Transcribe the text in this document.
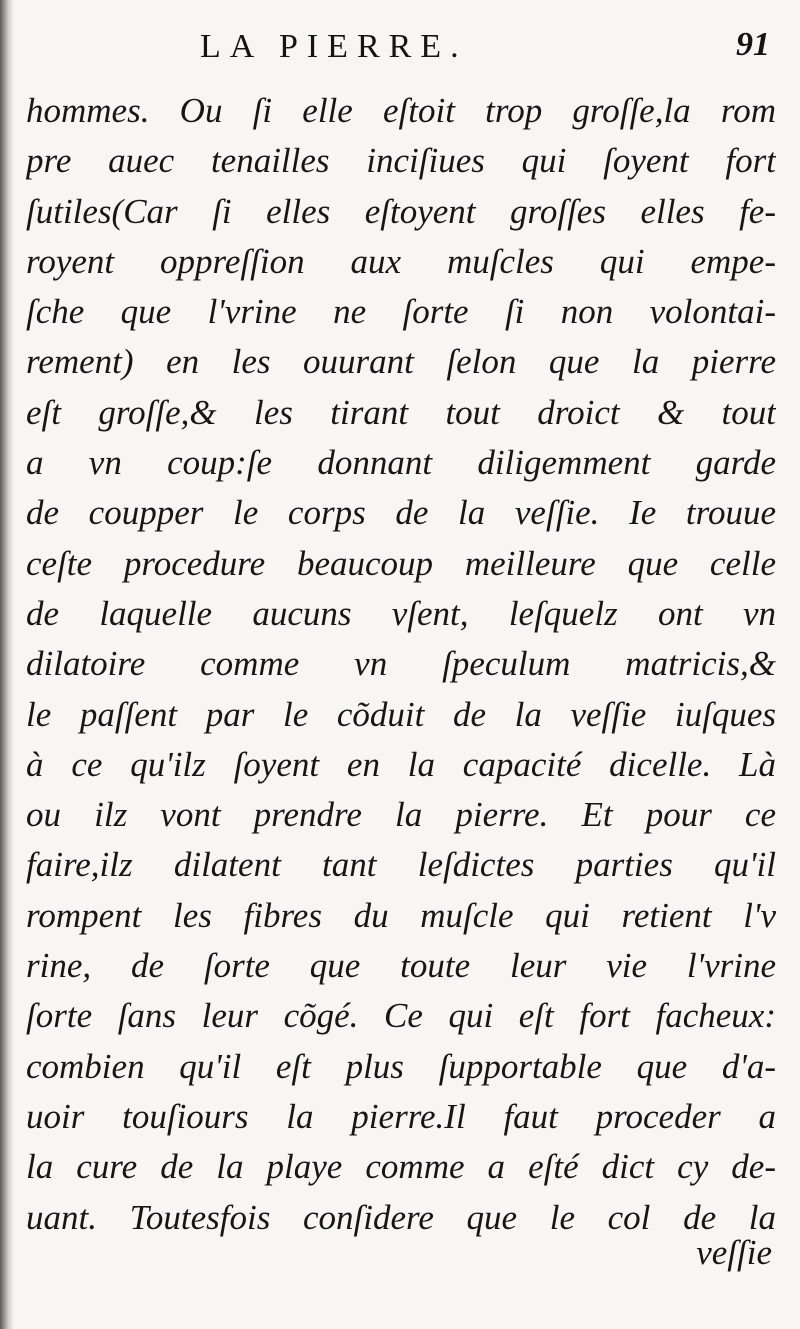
LA PIERRE.	91
hommes. Ou ſi elle eſtoit trop groſſe,la rom
pre auec tenailles inciſiues qui ſoyent fort
ſutiles(Car ſi elles eſtoyent groſſes elles fe-
royent oppreſſion aux muſcles qui empe-
ſche que l'vrine ne ſorte ſi non volontai-
rement) en les ouurant ſelon que la pierre
eſt groſſe,& les tirant tout droict & tout
a vn coup:ſe donnant diligemment garde
de coupper le corps de la veſſie. Ie trouue
ceſte procedure beaucoup meilleure que celle
de laquelle aucuns vſent, leſquelz ont vn
dilatoire comme vn ſpeculum matricis,&
le paſſent par le cõduit de la veſſie iuſques
à ce qu'ilz ſoyent en la capacité dicelle. Là
ou ilz vont prendre la pierre. Et pour ce
faire,ilz dilatent tant leſdictes parties qu'il
rompent les fibres du muſcle qui retient l'v
rine, de ſorte que toute leur vie l'vrine
ſorte ſans leur cõgé. Ce qui eſt fort facheux:
combien qu'il eſt plus ſupportable que d'a-
uoir touſiours la pierre.Il faut proceder a
la cure de la playe comme a eſté dict cy de-
uant. Toutesfois conſidere que le col de la
veſſie
